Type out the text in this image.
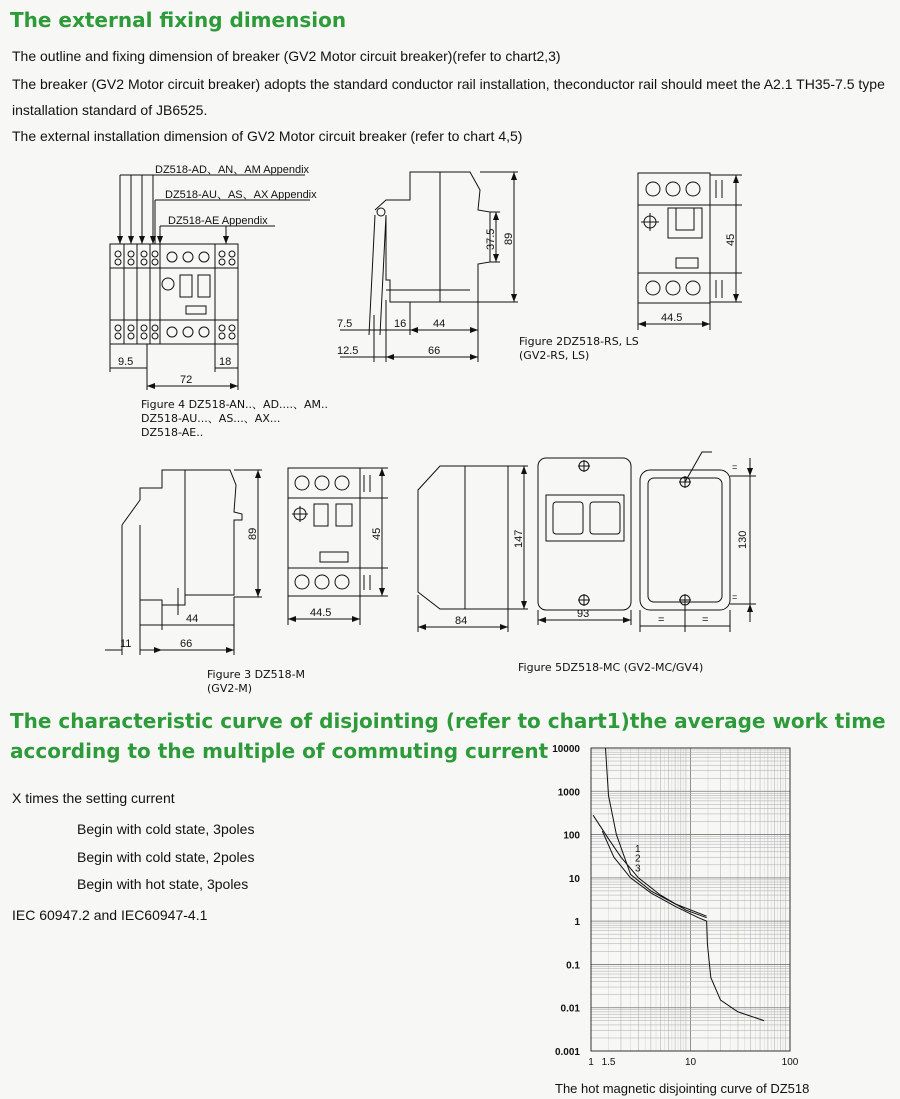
The external fixing dimension

The outline and fixing dimension of breaker (GV2 Motor circuit breaker)(refer to chart2,3)

The breaker (GV2 Motor circuit breaker) adopts the standard conductor rail installation, theconductor rail should meet the A2.1 TH35-7.5 type

installation standard of JB6525.

The external installation dimension of GV2 Motor circuit breaker (refer to chart 4,5)

DZ518-AD、AN、AM Appendix
DZ518-AU、AS、AX Appendix
DZ518-AE Appendix
9.5	18
72
7.5	16 44
12.5	66
37.5 89	45
44.5
89
44
11	66
45
44.5
147
84
93
130
=	=
=
=
Figure 4 DZ518-AN..、AD....、AM..
DZ518-AU...、AS...、AX...
DZ518-AE..
Figure 2DZ518-RS, LS
(GV2-RS, LS)
Figure 3 DZ518-M
(GV2-M)
Figure 5DZ518-MC (GV2-MC/GV4)
The characteristic curve of disjointing (refer to chart1)the average work time according to the multiple of commuting current

X times the setting current

Begin with cold state, 3poles

Begin with cold state, 2poles

Begin with hot state, 3poles

IEC 60947.2 and IEC60947-4.1

1 1.5	10	100
10000
1000
100
10
1
0.1
0.01
0.001
1
2
3
The hot magnetic disjointing curve of DZ518
